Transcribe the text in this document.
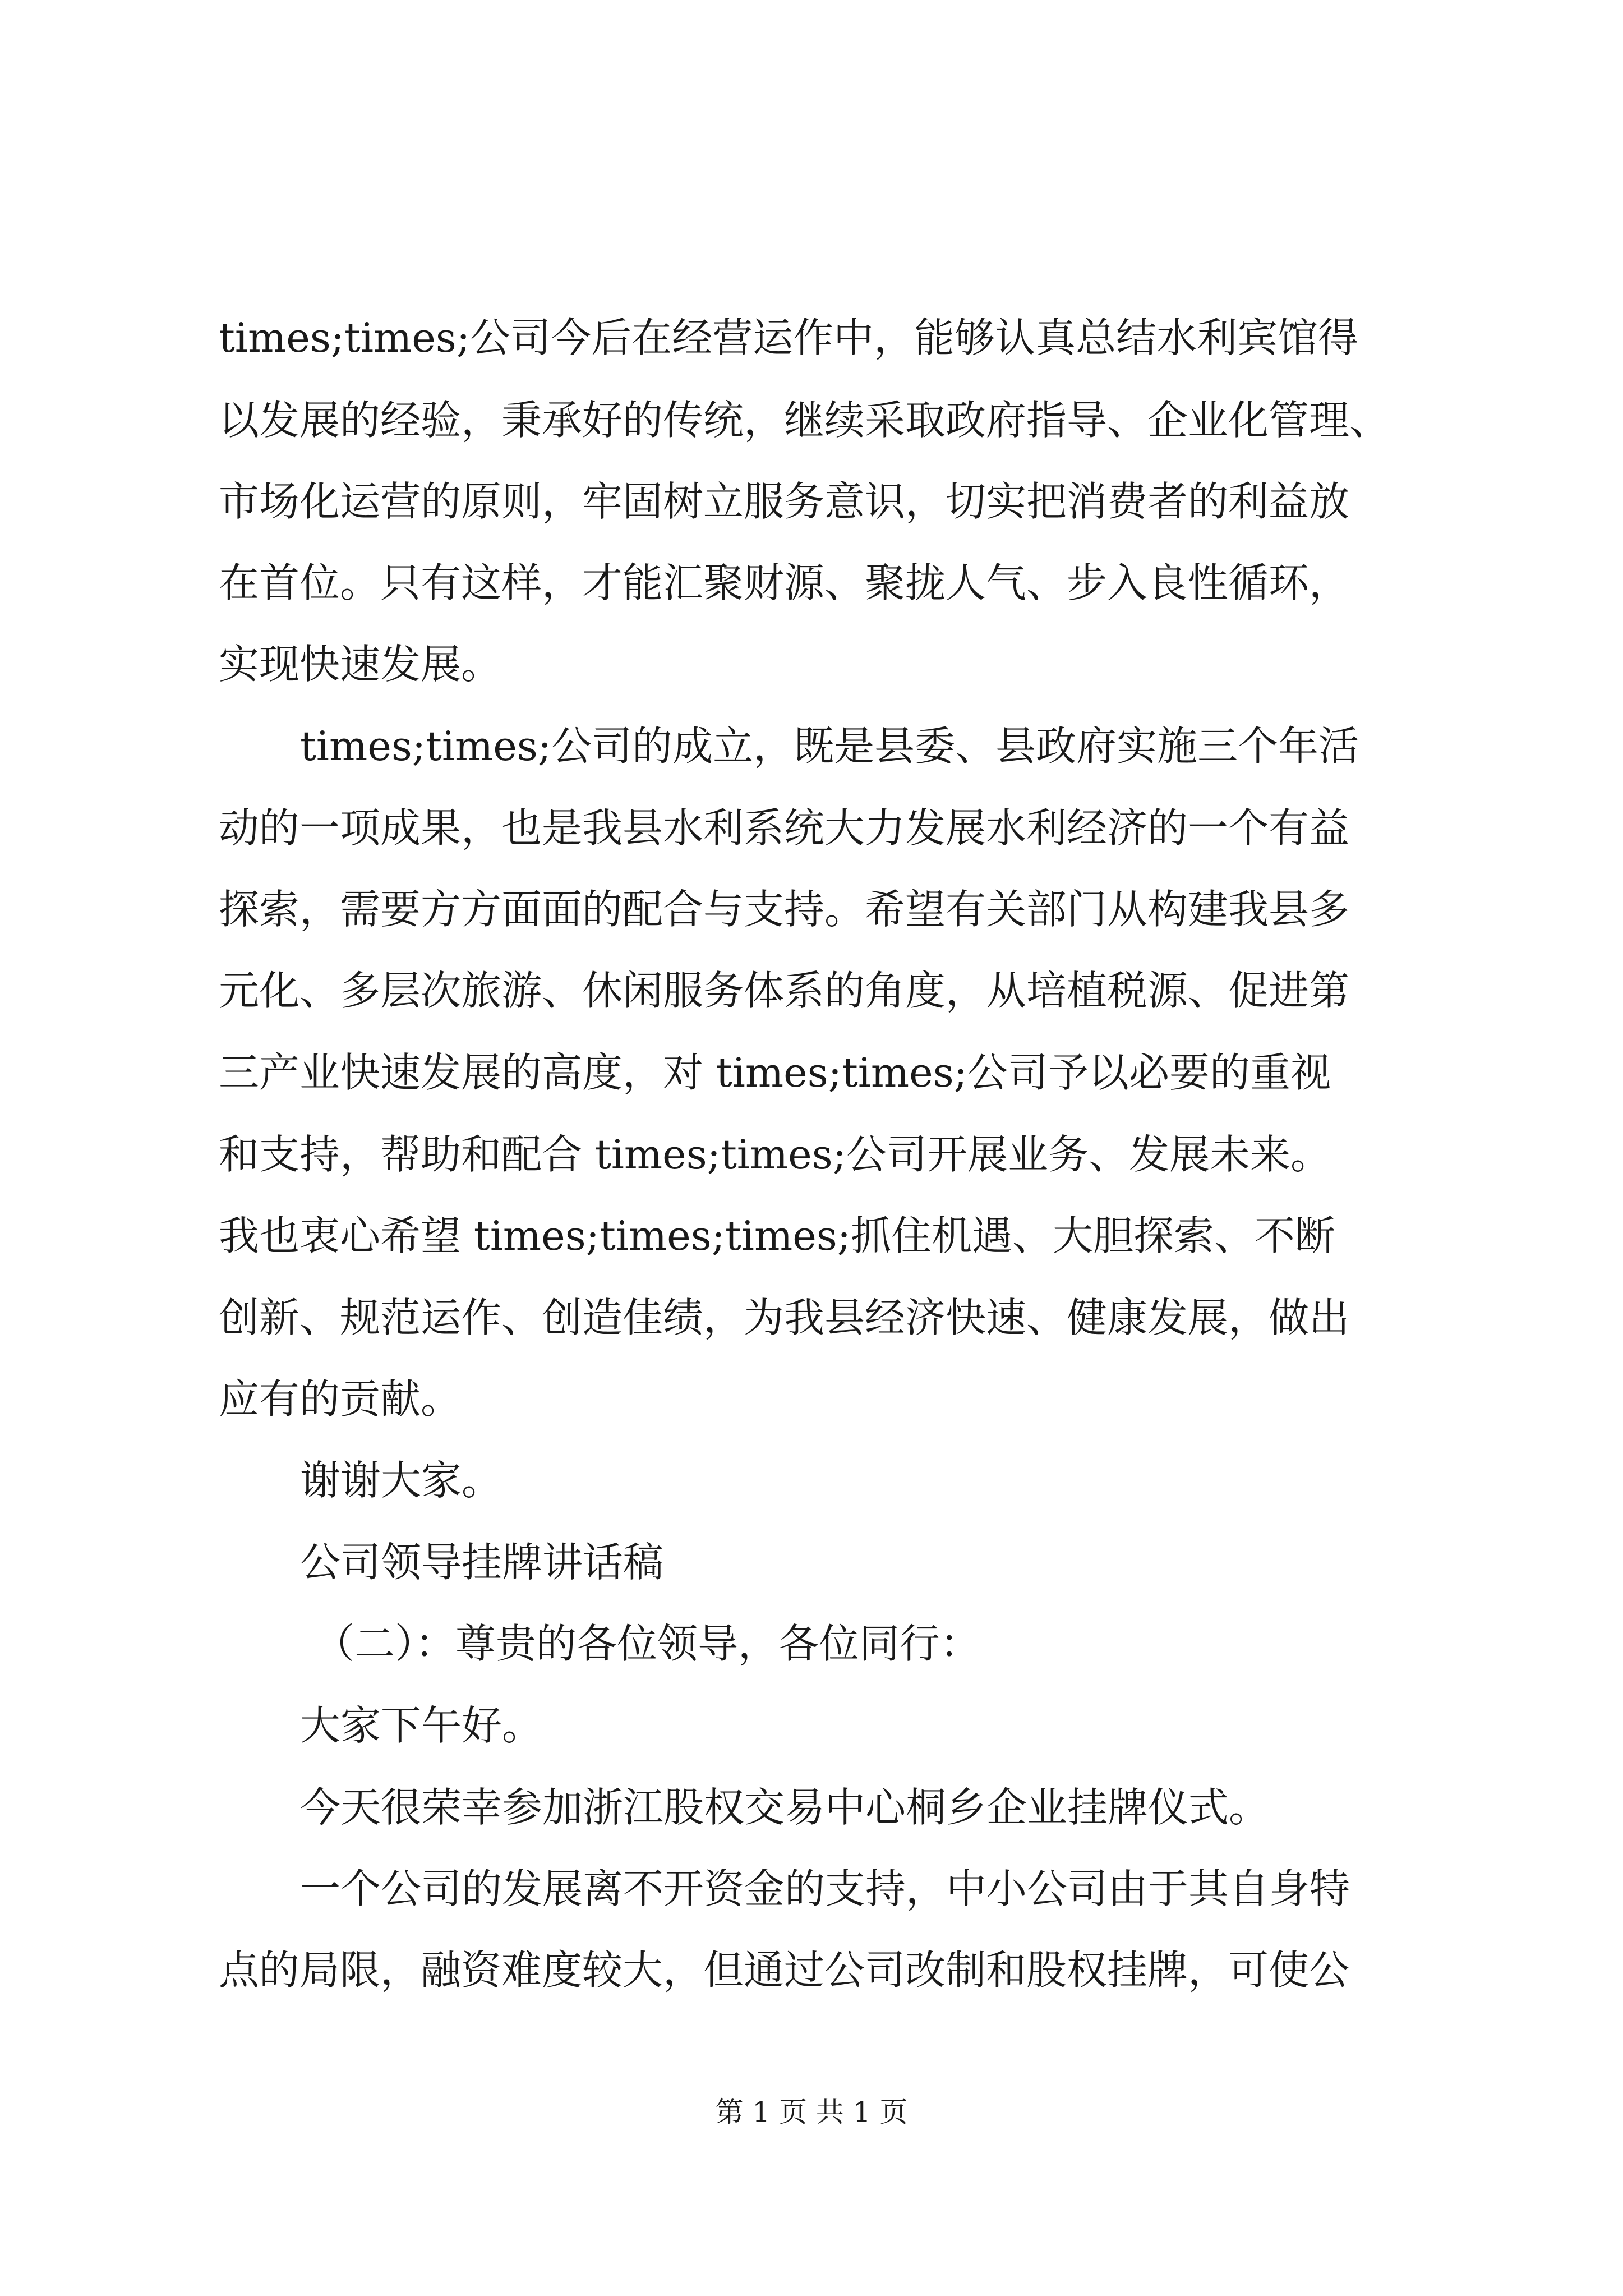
times;times;公司今后在经营运作中，能够认真总结水利宾馆得
以发展的经验，秉承好的传统，继续采取政府指导、企业化管理、
市场化运营的原则，牢固树立服务意识，切实把消费者的利益放
在首位。只有这样，才能汇聚财源、聚拢人气、步入良性循环，
实现快速发展。
times;times;公司的成立，既是县委、县政府实施三个年活
动的一项成果，也是我县水利系统大力发展水利经济的一个有益
探索，需要方方面面的配合与支持。希望有关部门从构建我县多
元化、多层次旅游、休闲服务体系的角度，从培植税源、促进第
三产业快速发展的高度，对 times;times;公司予以必要的重视
和支持，帮助和配合 times;times;公司开展业务、发展未来。
我也衷心希望 times;times;times;抓住机遇、大胆探索、不断
创新、规范运作、创造佳绩，为我县经济快速、健康发展，做出
应有的贡献。
谢谢大家。
公司领导挂牌讲话稿
（二）：尊贵的各位领导，各位同行：
大家下午好。
今天很荣幸参加浙江股权交易中心桐乡企业挂牌仪式。
一个公司的发展离不开资金的支持，中小公司由于其自身特
点的局限，融资难度较大，但通过公司改制和股权挂牌，可使公
第 1 页 共 1 页
